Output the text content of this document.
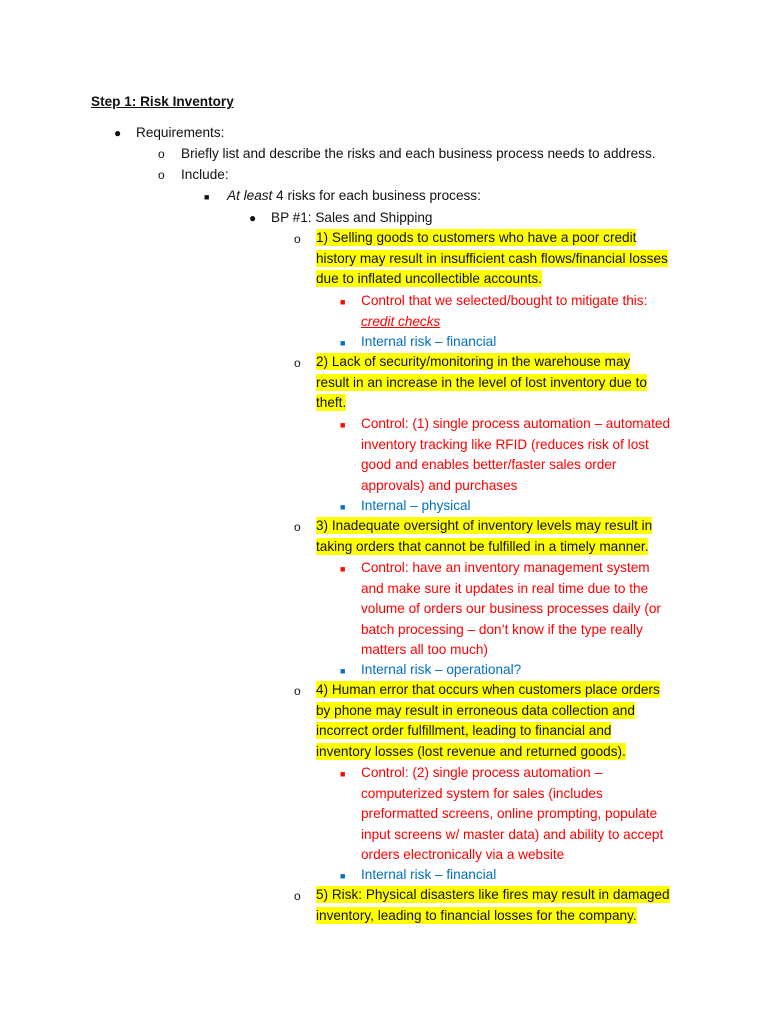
Step 1: Risk Inventory
● Requirements:
o Briefly list and describe the risks and each business process needs to address.
o Include:
■ At least 4 risks for each business process:
● BP #1: Sales and Shipping
o 1) Selling goods to customers who have a poor credit
history may result in insufficient cash flows/financial losses
due to inflated uncollectible accounts.
■ Control that we selected/bought to mitigate this:
credit checks
■ Internal risk – financial
o 2) Lack of security/monitoring in the warehouse may
result in an increase in the level of lost inventory due to
theft.
■ Control: (1) single process automation – automated
inventory tracking like RFID (reduces risk of lost
good and enables better/faster sales order
approvals) and purchases
■ Internal – physical
o 3) Inadequate oversight of inventory levels may result in
taking orders that cannot be fulfilled in a timely manner.
■ Control: have an inventory management system
and make sure it updates in real time due to the
volume of orders our business processes daily (or
batch processing – don’t know if the type really
matters all too much)
■ Internal risk – operational?
o 4) Human error that occurs when customers place orders
by phone may result in erroneous data collection and
incorrect order fulfillment, leading to financial and
inventory losses (lost revenue and returned goods).
■ Control: (2) single process automation –
computerized system for sales (includes
preformatted screens, online prompting, populate
input screens w/ master data) and ability to accept
orders electronically via a website
■ Internal risk – financial
o 5) Risk: Physical disasters like fires may result in damaged
inventory, leading to financial losses for the company.
